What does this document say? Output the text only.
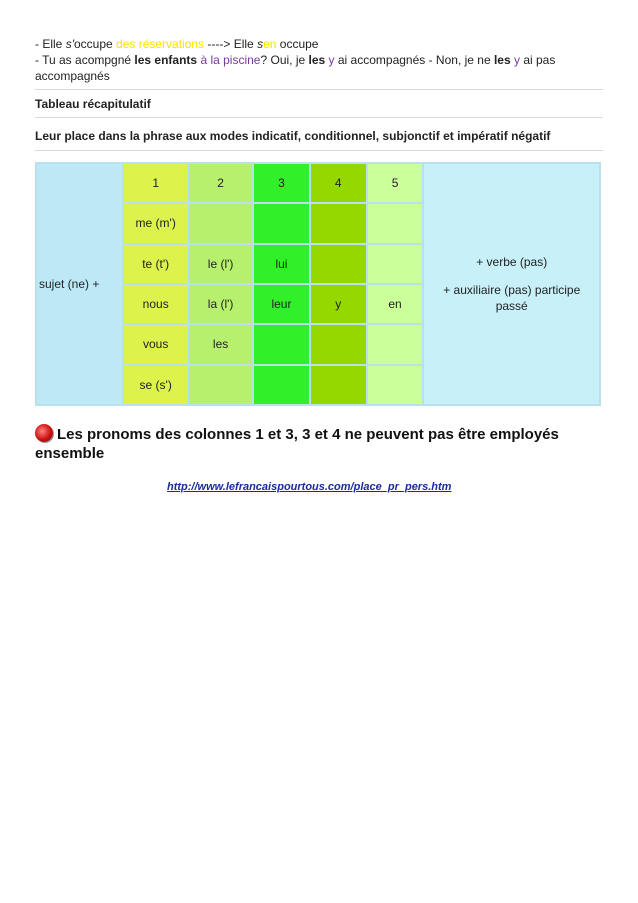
- Elle s'occupe des réservations ----> Elle sen occupe
- Tu as acompgné les enfants à la piscine? Oui, je les y ai accompagnés - Non, je ne les y ai pas
accompagnés
Tableau récapitulatif
Leur place dans la phrase aux modes indicatif, conditionnel, subjonctif et impératif négatif
sujet (ne) +	1	2	3	4	5	+ verbe (pas)
+ auxiliaire (pas) participe passé

	me (m')					
	te (t')	le (l')	lui			
	nous	la (l')	leur	y	en	
	vous	les				
	se (s')					
Les pronoms des colonnes 1 et 3, 3 et 4 ne peuvent pas être employés
ensemble
http://www.lefrancaispourtous.com/place_pr_pers.htm
